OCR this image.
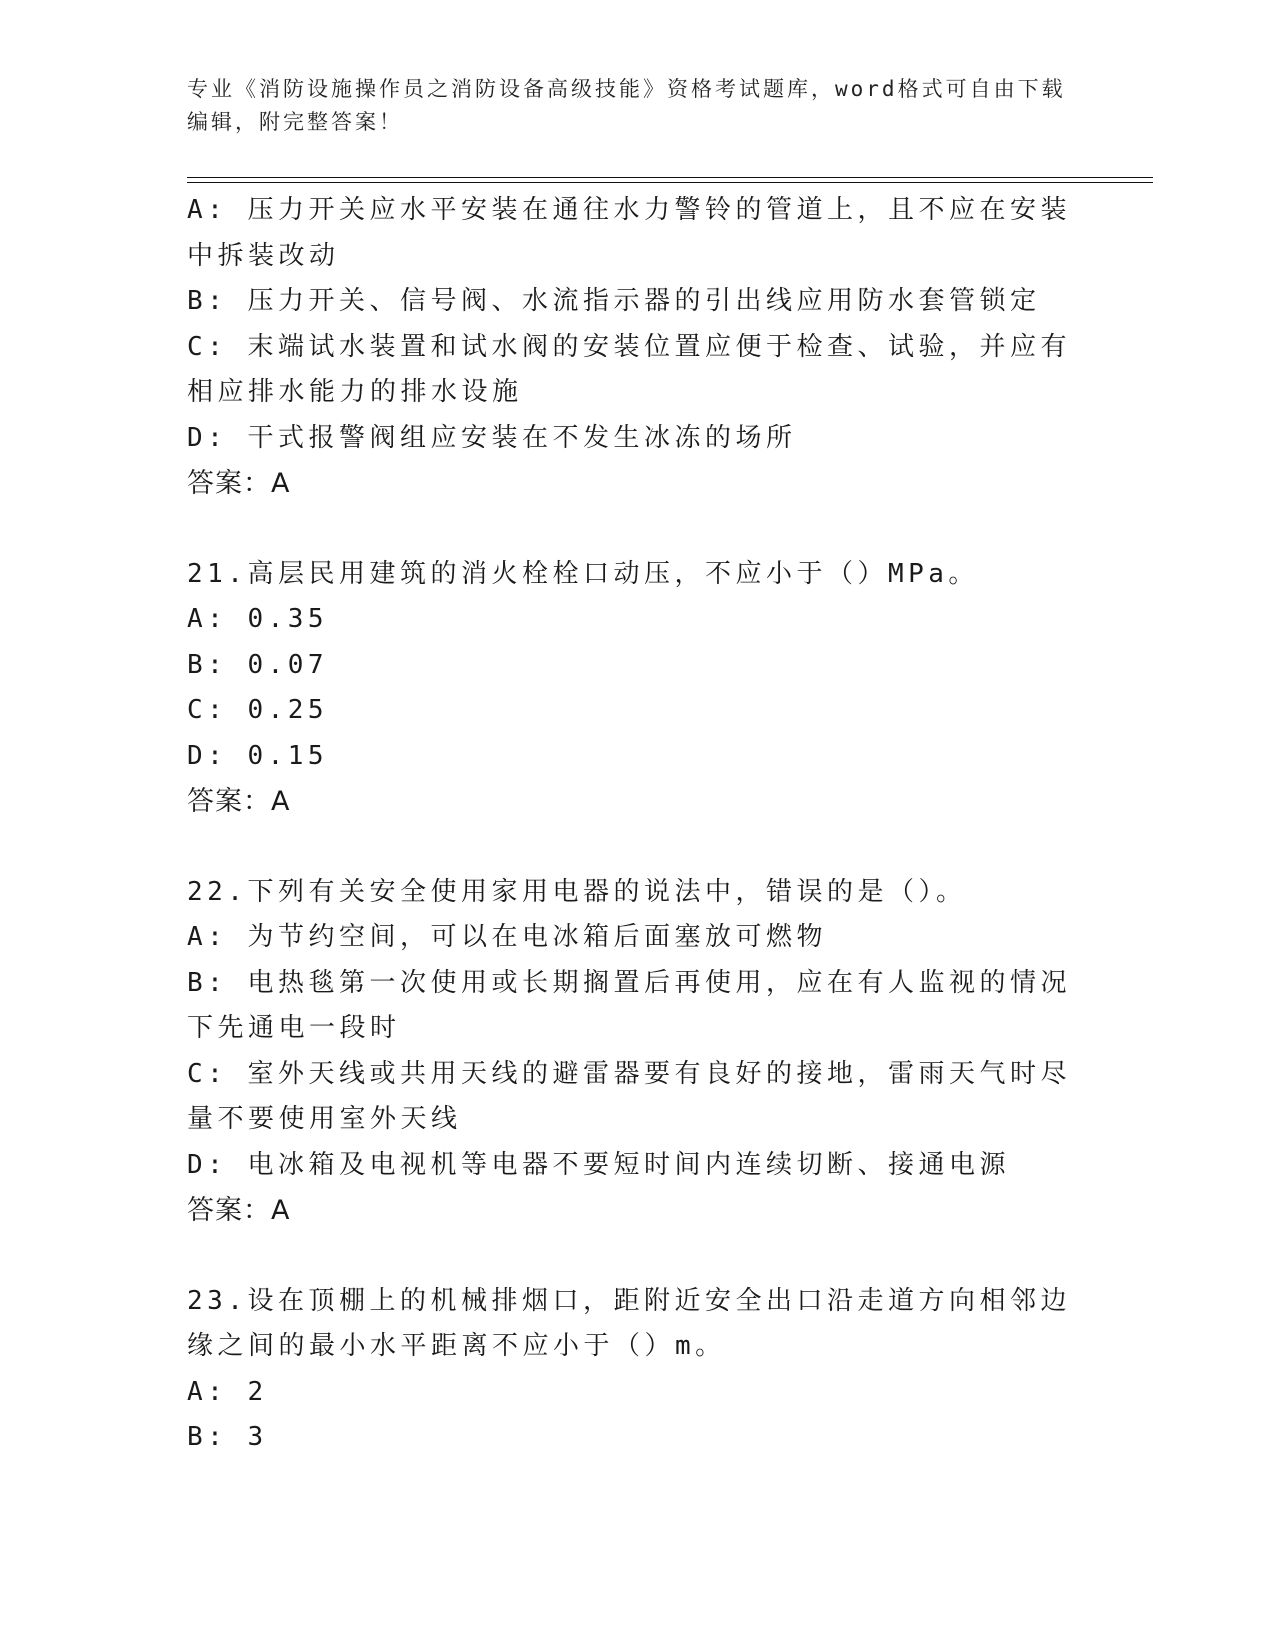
专业《消防设施操作员之消防设备高级技能》资格考试题库，word格式可自由下载编辑，附完整答案！
A: 压力开关应水平安装在通往水力警铃的管道上，且不应在安装中拆装改动
B: 压力开关、信号阀、水流指示器的引出线应用防水套管锁定
C: 末端试水装置和试水阀的安装位置应便于检查、试验，并应有相应排水能力的排水设施
D: 干式报警阀组应安装在不发生冰冻的场所
答案：A
21.高层民用建筑的消火栓栓口动压，不应小于（）MPa。
A: 0.35
B: 0.07
C: 0.25
D: 0.15
答案：A
22.下列有关安全使用家用电器的说法中，错误的是（）。
A: 为节约空间，可以在电冰箱后面塞放可燃物
B: 电热毯第一次使用或长期搁置后再使用，应在有人监视的情况下先通电一段时
C: 室外天线或共用天线的避雷器要有良好的接地，雷雨天气时尽量不要使用室外天线
D: 电冰箱及电视机等电器不要短时间内连续切断、接通电源
答案：A
23.设在顶棚上的机械排烟口，距附近安全出口沿走道方向相邻边缘之间的最小水平距离不应小于（）m。
A: 2
B: 3
